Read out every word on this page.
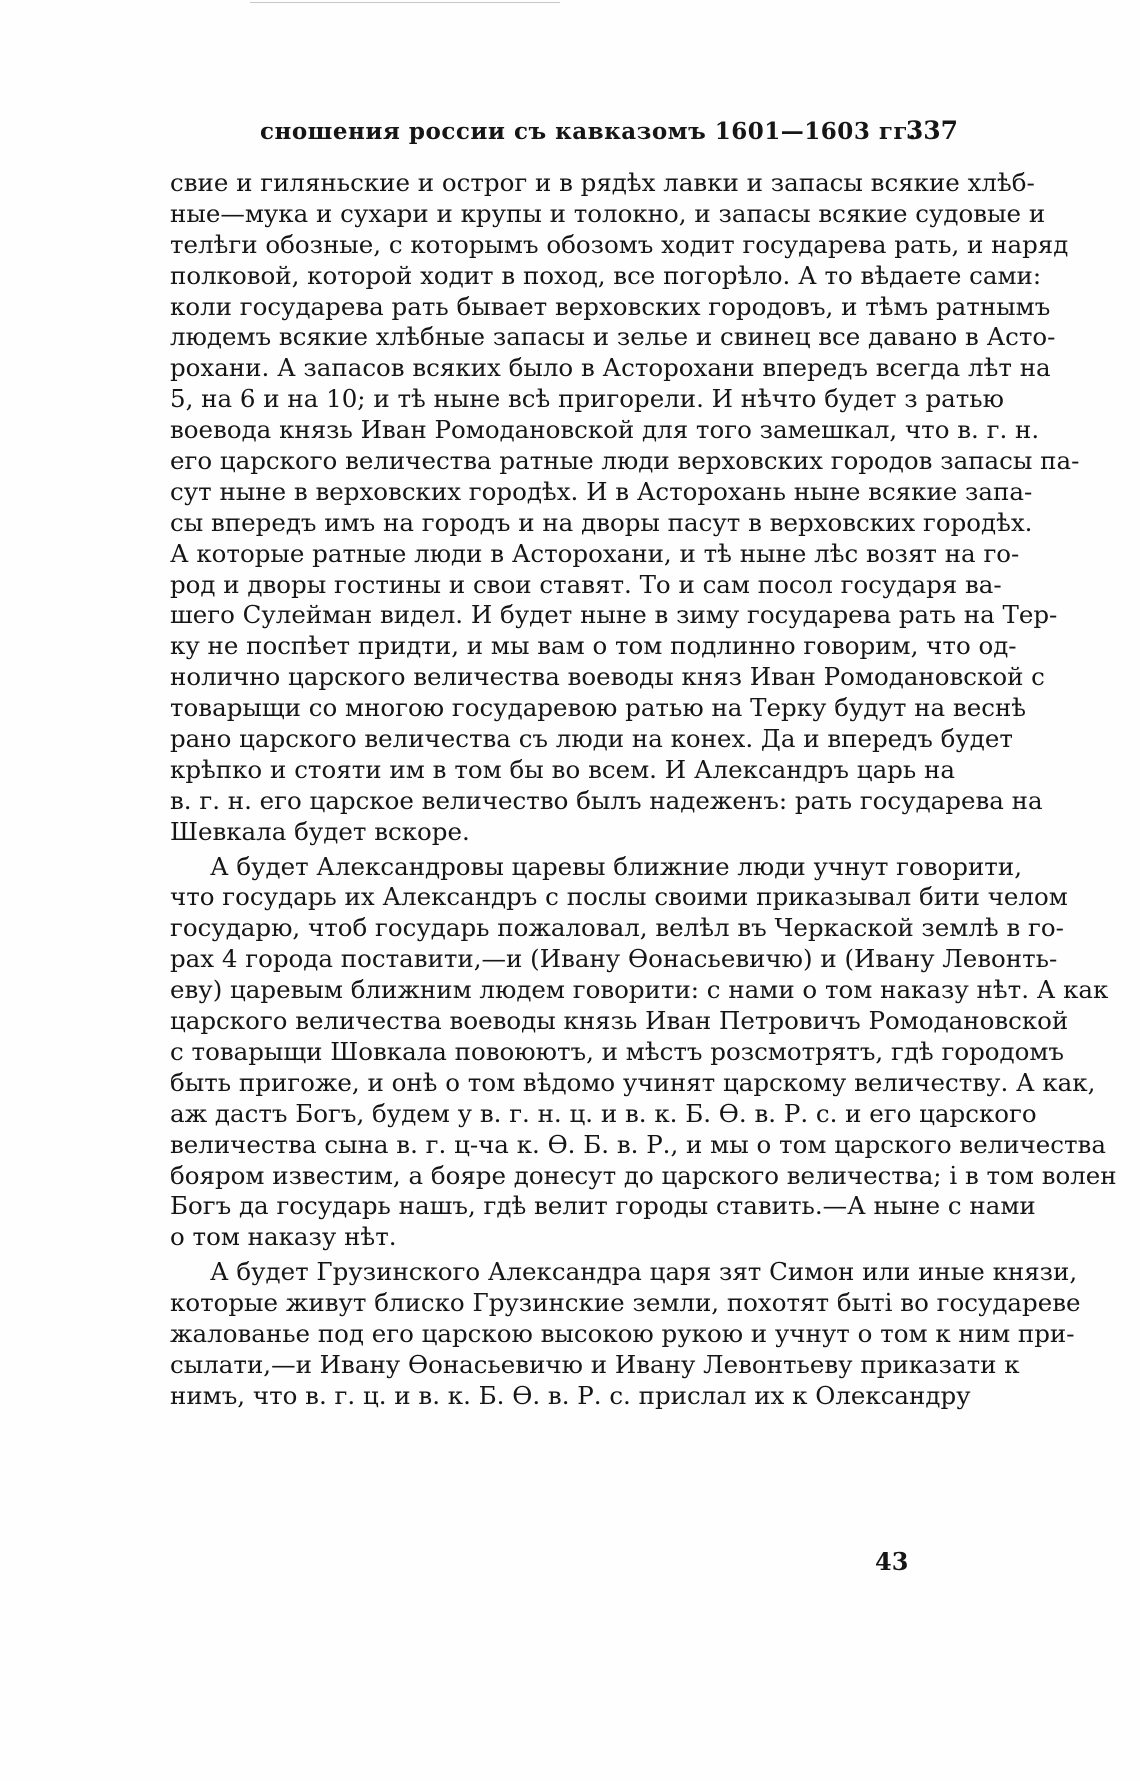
сношения россии съ кавказомъ 1601—1603 гг.
337
свие и гиляньские и острог и в рядѣх лавки и запасы всякие хлѣб-
ные—мука и сухари и крупы и толокно, и запасы всякие судовые и
телѣги обозные, с которымъ обозомъ ходит государева рать, и наряд
полковой, которой ходит в поход, все погорѣло. А то вѣдаете сами:
коли государева рать бывает верховских городовъ, и тѣмъ ратнымъ
людемъ всякие хлѣбные запасы и зелье и свинец все давано в Асто-
рохани. А запасов всяких было в Асторохани впередъ всегда лѣт на
5, на 6 и на 10; и тѣ ныне всѣ пригорели. И нѣчто будет з ратью
воевода князь Иван Ромодановской для того замешкал, что в. г. н.
его царского величества ратные люди верховских городов запасы па-
сут ныне в верховских городѣх. И в Асторохань ныне всякие запа-
сы впередъ имъ на городъ и на дворы пасут в верховских городѣх.
А которые ратные люди в Асторохани, и тѣ ныне лѣс возят на го-
род и дворы гостины и свои ставят. То и сам посол государя ва-
шего Сулейман видел. И будет ныне в зиму государева рать на Тер-
ку не поспѣет придти, и мы вам о том подлинно говорим, что од-
нолично царского величества воеводы княз Иван Ромодановской с
товарыщи со многою государевою ратью на Терку будут на веснѣ
рано царского величества съ люди на конех. Да и впередъ будет
крѣпко и стояти им в том бы во всем. И Александръ царь на
в. г. н. его царское величество былъ надеженъ: рать государева на
Шевкала будет вскоре.
А будет Александровы царевы ближние люди учнут говорити,
что государь их Александръ с послы своими приказывал бити челом
государю, чтоб государь пожаловал, велѣл въ Черкаской землѣ в го-
рах 4 города поставити,—и (Ивану Ѳонасьевичю) и (Ивану Левонть-
еву) царевым ближним людем говорити: с нами о том наказу нѣт. А как
царского величества воеводы князь Иван Петровичъ Ромодановской
с товарыщи Шовкала повоюютъ, и мѣстъ розсмотрятъ, гдѣ городомъ
быть пригоже, и онѣ о том вѣдомо учинят царскому величеству. А как,
аж дастъ Богъ, будем у в. г. н. ц. и в. к. Б. Ѳ. в. Р. с. и его царского
величества сына в. г. ц-ча к. Ѳ. Б. в. Р., и мы о том царского величества
бояром известим, а бояре донесут до царского величества; і в том волен
Богъ да государь нашъ, гдѣ велит городы ставить.—А ныне с нами
о том наказу нѣт.
А будет Грузинского Александра царя зят Симон или иные князи,
которые живут блиско Грузинские земли, похотят быті во государеве
жалованье под его царскою высокою рукою и учнут о том к ним при-
сылати,—и Ивану Ѳонасьевичю и Ивану Левонтьеву приказати к
нимъ, что в. г. ц. и в. к. Б. Ѳ. в. Р. с. прислал их к Олександру
43
